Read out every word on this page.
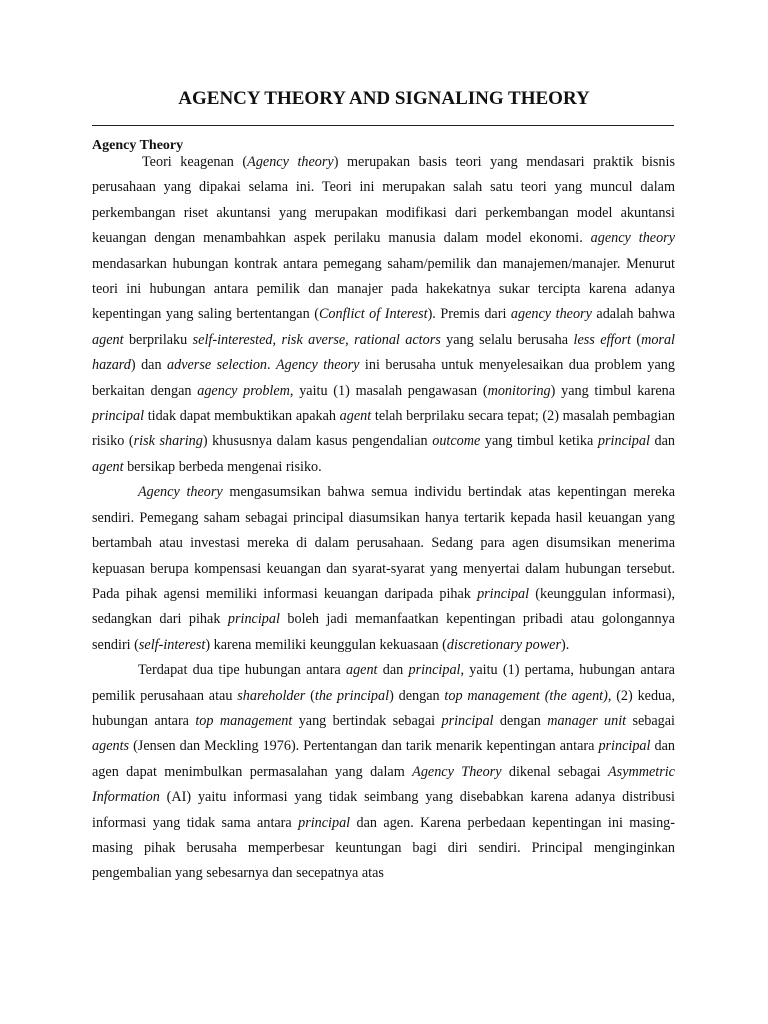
AGENCY THEORY AND SIGNALING THEORY
Agency Theory

Teori keagenan (Agency theory) merupakan basis teori yang mendasari praktik bisnis perusahaan yang dipakai selama ini. Teori ini merupakan salah satu teori yang muncul dalam perkembangan riset akuntansi yang merupakan modifikasi dari perkembangan model akuntansi keuangan dengan menambahkan aspek perilaku manusia dalam model ekonomi. agency theory mendasarkan hubungan kontrak antara pemegang saham/pemilik dan manajemen/manajer. Menurut teori ini hubungan antara pemilik dan manajer pada hakekatnya sukar tercipta karena adanya kepentingan yang saling bertentangan (Conflict of Interest). Premis dari agency theory adalah bahwa agent berprilaku self-interested, risk averse, rational actors yang selalu berusaha less effort (moral hazard) dan adverse selection. Agency theory ini berusaha untuk menyelesaikan dua problem yang berkaitan dengan agency problem, yaitu (1) masalah pengawasan (monitoring) yang timbul karena principal tidak dapat membuktikan apakah agent telah berprilaku secara tepat; (2) masalah pembagian risiko (risk sharing) khususnya dalam kasus pengendalian outcome yang timbul ketika principal dan agent bersikap berbeda mengenai risiko.

Agency theory mengasumsikan bahwa semua individu bertindak atas kepentingan mereka sendiri. Pemegang saham sebagai principal diasumsikan hanya tertarik kepada hasil keuangan yang bertambah atau investasi mereka di dalam perusahaan. Sedang para agen disumsikan menerima kepuasan berupa kompensasi keuangan dan syarat-syarat yang menyertai dalam hubungan tersebut. Pada pihak agensi memiliki informasi keuangan daripada pihak principal (keunggulan informasi), sedangkan dari pihak principal boleh jadi memanfaatkan kepentingan pribadi atau golongannya sendiri (self-interest) karena memiliki keunggulan kekuasaan (discretionary power).

Terdapat dua tipe hubungan antara agent dan principal, yaitu (1) pertama, hubungan antara pemilik perusahaan atau shareholder (the principal) dengan top management (the agent), (2) kedua, hubungan antara top management yang bertindak sebagai principal dengan manager unit sebagai agents (Jensen dan Meckling 1976). Pertentangan dan tarik menarik kepentingan antara principal dan agen dapat menimbulkan permasalahan yang dalam Agency Theory dikenal sebagai Asymmetric Information (AI) yaitu informasi yang tidak seimbang yang disebabkan karena adanya distribusi informasi yang tidak sama antara principal dan agen. Karena perbedaan kepentingan ini masing-masing pihak berusaha memperbesar keuntungan bagi diri sendiri. Principal menginginkan pengembalian yang sebesarnya dan secepatnya atas
